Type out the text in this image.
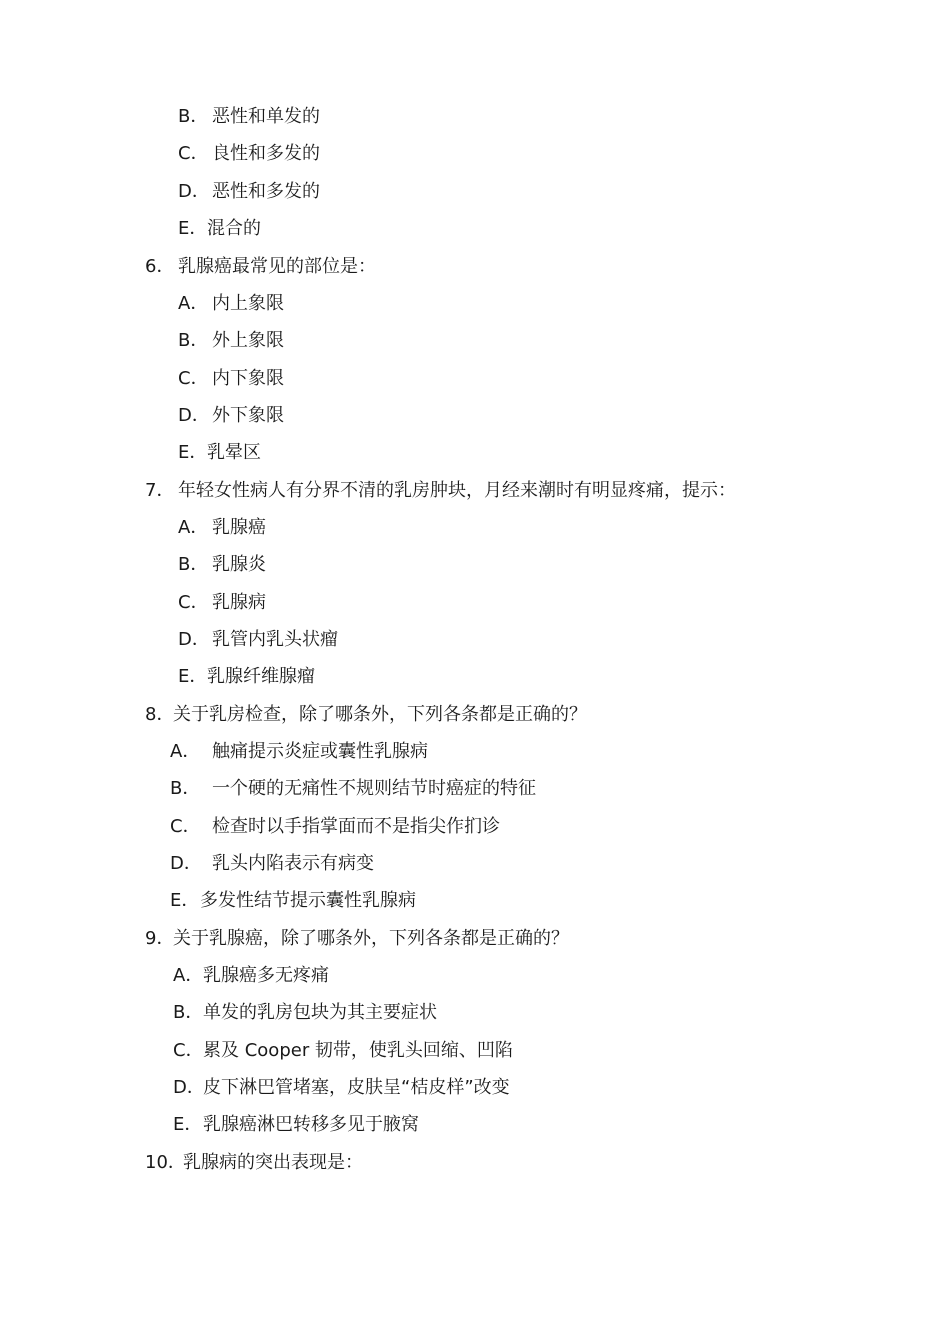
B． 恶性和单发的
C． 良性和多发的
D． 恶性和多发的
E．混合的
6． 乳腺癌最常见的部位是：
A． 内上象限
B． 外上象限
C． 内下象限
D． 外下象限
E．乳晕区
7． 年轻女性病人有分界不清的乳房肿块，月经来潮时有明显疼痛，提示：
A． 乳腺癌
B． 乳腺炎
C． 乳腺病
D． 乳管内乳头状瘤
E．乳腺纤维腺瘤
8．关于乳房检查，除了哪条外，下列各条都是正确的？
A． 触痛提示炎症或囊性乳腺病
B． 一个硬的无痛性不规则结节时癌症的特征
C． 检查时以手指掌面而不是指尖作扪诊
D． 乳头内陷表示有病变
E．多发性结节提示囊性乳腺病
9．关于乳腺癌，除了哪条外，下列各条都是正确的？
A．乳腺癌多无疼痛
B．单发的乳房包块为其主要症状
C．累及 Cooper 韧带，使乳头回缩、凹陷
D．皮下淋巴管堵塞，皮肤呈“桔皮样”改变
E．乳腺癌淋巴转移多见于腋窝
10．乳腺病的突出表现是：
